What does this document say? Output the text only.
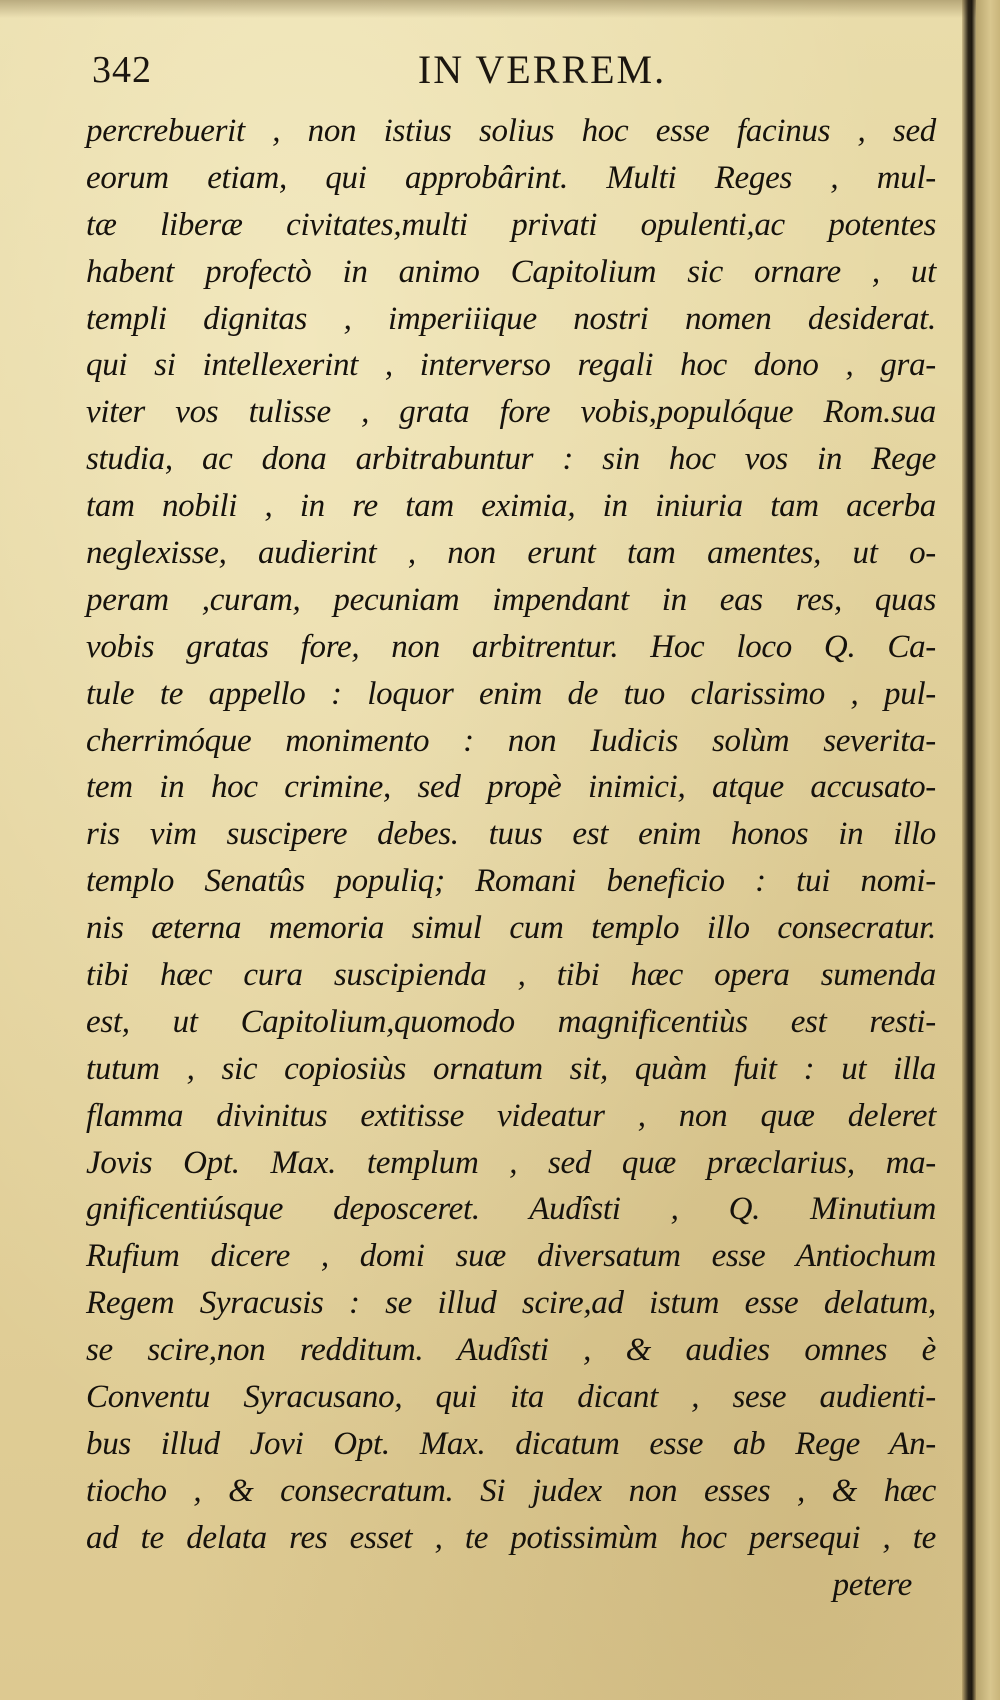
342	IN VERREM.
percrebuerit , non istius solius hoc esse facinus , sed
eorum etiam, qui approbârint. Multi Reges , mul-
tæ liberæ civitates,multi privati opulenti,ac potentes
habent profectò in animo Capitolium sic ornare , ut
templi dignitas , imperiiique nostri nomen desiderat.
qui si intellexerint , interverso regali hoc dono , gra-
viter vos tulisse , grata fore vobis,populóque Rom.sua
studia, ac dona arbitrabuntur : sin hoc vos in Rege
tam nobili , in re tam eximia, in iniuria tam acerba
neglexisse, audierint , non erunt tam amentes, ut o-
peram ,curam, pecuniam impendant in eas res, quas
vobis gratas fore, non arbitrentur. Hoc loco Q. Ca-
tule te appello : loquor enim de tuo clarissimo , pul-
cherrimóque monimento : non Iudicis solùm severita-
tem in hoc crimine, sed propè inimici, atque accusato-
ris vim suscipere debes. tuus est enim honos in illo
templo Senatûs populiq; Romani beneficio : tui nomi-
nis æterna memoria simul cum templo illo consecratur.
tibi hæc cura suscipienda , tibi hæc opera sumenda
est, ut Capitolium,quomodo magnificentiùs est resti-
tutum , sic copiosiùs ornatum sit, quàm fuit : ut illa
flamma divinitus extitisse videatur , non quæ deleret
Jovis Opt. Max. templum , sed quæ præclarius, ma-
gnificentiúsque deposceret. Audîsti , Q. Minutium
Rufium dicere , domi suæ diversatum esse Antiochum
Regem Syracusis : se illud scire,ad istum esse delatum,
se scire,non redditum. Audîsti , & audies omnes è
Conventu Syracusano, qui ita dicant , sese audienti-
bus illud Jovi Opt. Max. dicatum esse ab Rege An-
tiocho , & consecratum. Si judex non esses , & hæc
ad te delata res esset , te potissimùm hoc persequi , te
petere
